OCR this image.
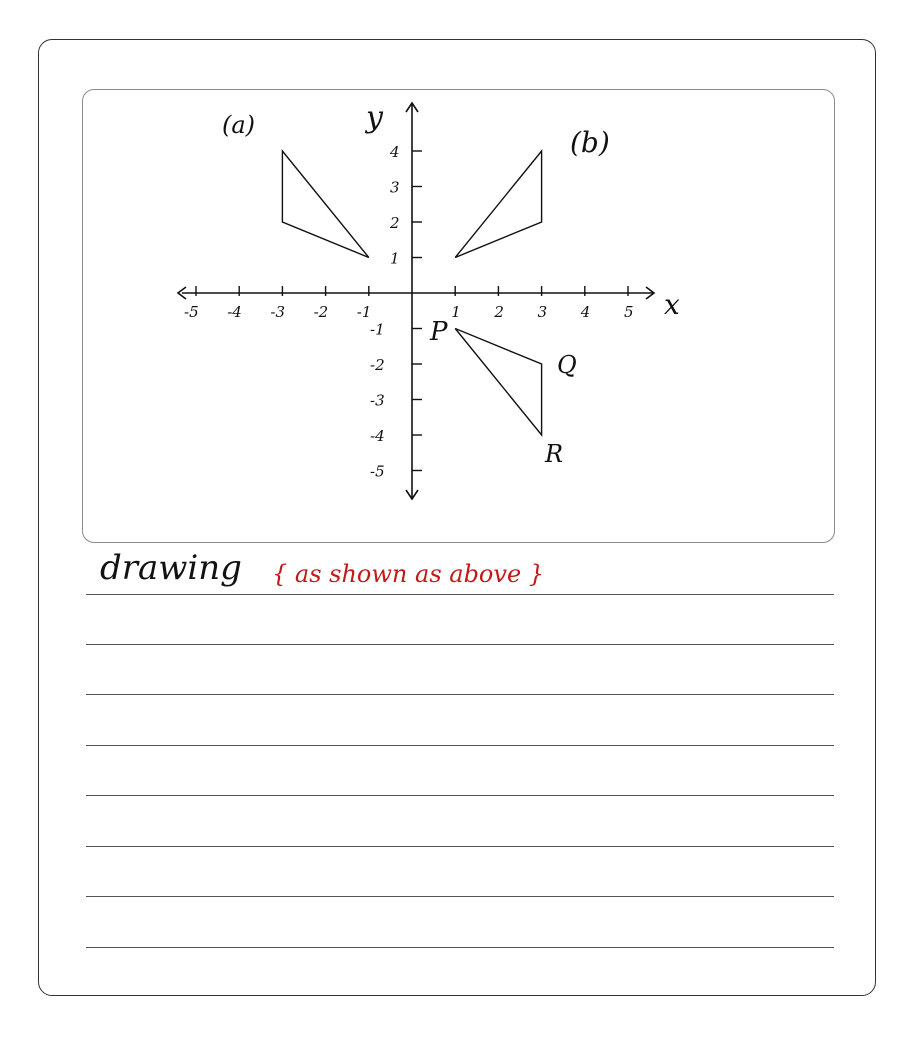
y
x
-5 -4 -3 -2 -1	1 2 3 4 5
4
3
2
1
-1
-2
-3
-4
-5
(a)
(b)
P
Q
R
drawing { as shown as above }
